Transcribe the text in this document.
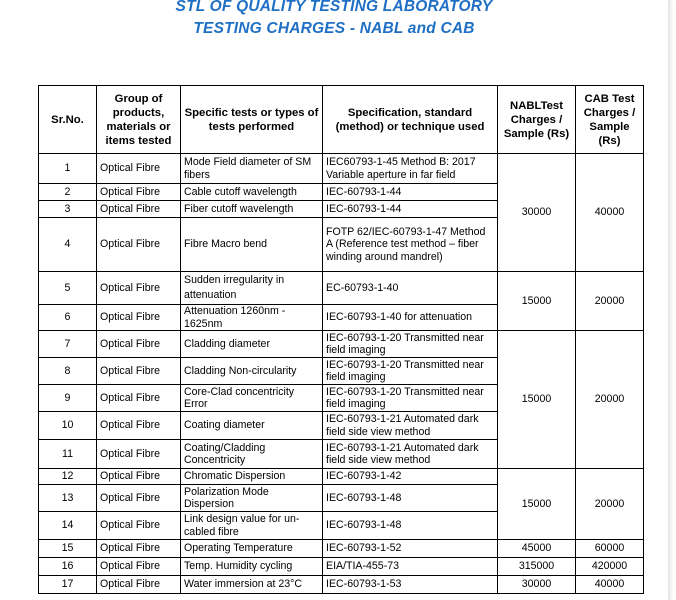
STL OF QUALITY TESTING LABORATORY
TESTING CHARGES - NABL and CAB
Sr.No.	Group of products, materials or items tested	Specific tests or types of tests performed	Specification, standard (method) or technique used	NABLTest Charges / Sample (Rs)	CAB Test Charges / Sample (Rs)
1	Optical Fibre	Mode Field diameter of SM fibers	IEC60793-1-45 Method B: 2017 Variable aperture in far field	30000	40000
2	Optical Fibre	Cable cutoff wavelength	IEC-60793-1-44		
3	Optical Fibre	Fiber cutoff wavelength	IEC-60793-1-44		
4	Optical Fibre	Fibre Macro bend	FOTP 62/IEC-60793-1-47 Method A (Reference test method – fiber winding around mandrel)		
5	Optical Fibre	Sudden irregularity in attenuation	EC-60793-1-40	15000	20000
6	Optical Fibre	Attenuation 1260nm - 1625nm	IEC-60793-1-40 for attenuation		
7	Optical Fibre	Cladding diameter	IEC-60793-1-20 Transmitted near field imaging	15000	20000
8	Optical Fibre	Cladding Non-circularity	IEC-60793-1-20 Transmitted near field imaging		
9	Optical Fibre	Core-Clad concentricity Error	IEC-60793-1-20 Transmitted near field imaging		
10	Optical Fibre	Coating diameter	IEC-60793-1-21 Automated dark field side view method		
11	Optical Fibre	Coating/Cladding Concentricity	IEC-60793-1-21 Automated dark field side view method		
12	Optical Fibre	Chromatic Dispersion	IEC-60793-1-42	15000	20000
13	Optical Fibre	Polarization Mode Dispersion	IEC-60793-1-48		
14	Optical Fibre	Link design value for un-cabled fibre	IEC-60793-1-48		
15	Optical Fibre	Operating Temperature	IEC-60793-1-52	45000	60000
16	Optical Fibre	Temp. Humidity cycling	EIA/TIA-455-73	315000	420000
17	Optical Fibre	Water immersion at 23°C	IEC-60793-1-53	30000	40000
